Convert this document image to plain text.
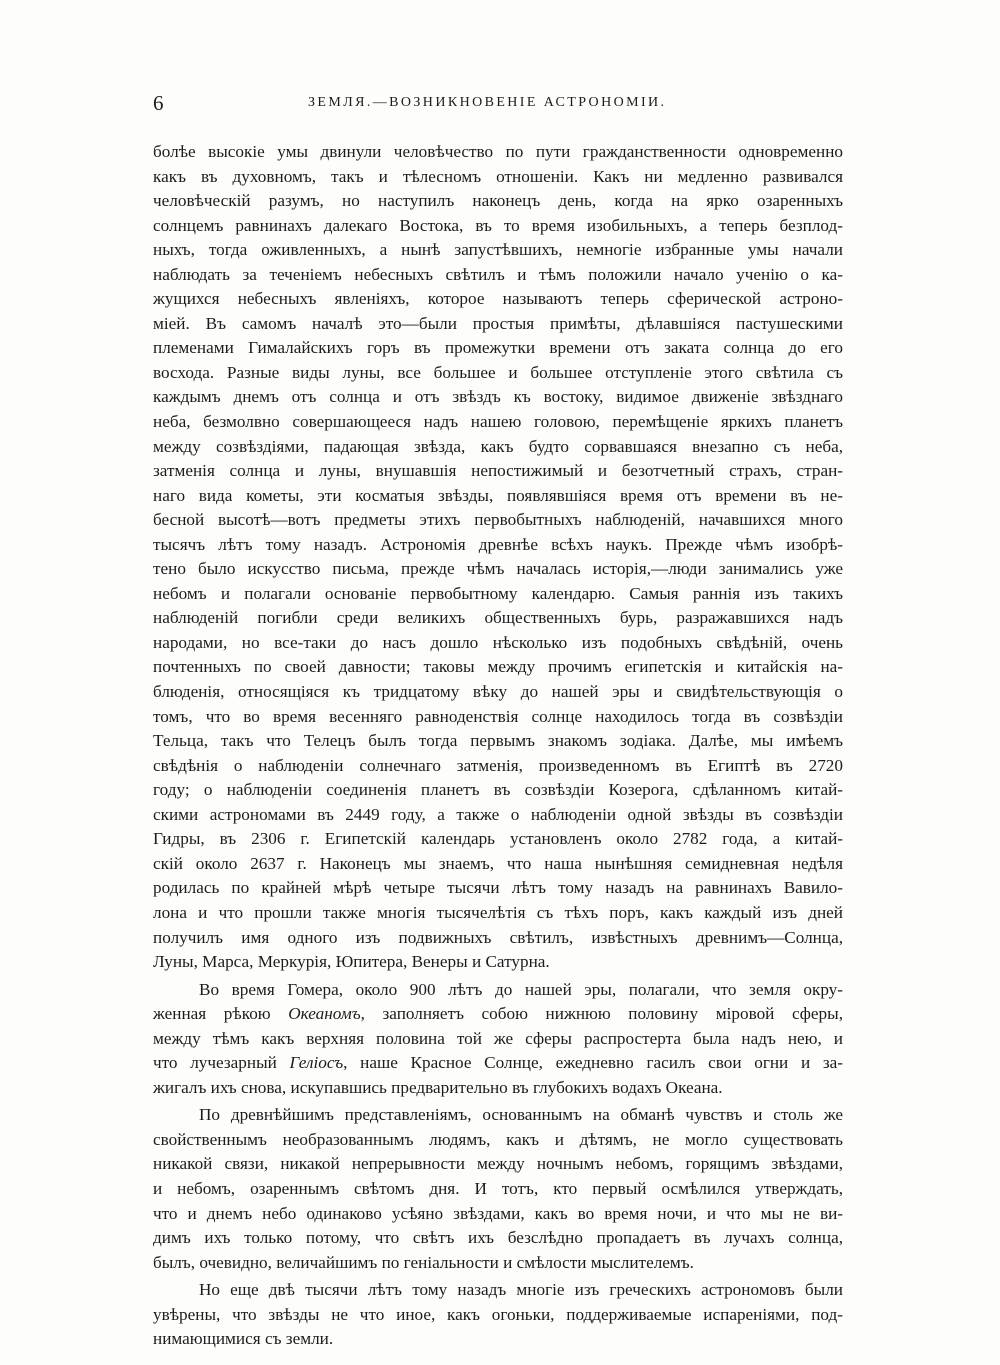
6	ЗЕМЛЯ.—ВОЗНИКНОВЕНІЕ АСТРОНОМІИ.
болѣе высокіе умы двинули человѣчество по пути гражданственности одновременно
какъ въ духовномъ, такъ и тѣлесномъ отношеніи. Какъ ни медленно развивался
человѣческій разумъ, но наступилъ наконецъ день, когда на ярко озаренныхъ
солнцемъ равнинахъ далекаго Востока, въ то время изобильныхъ, а теперь безплод-
ныхъ, тогда оживленныхъ, а нынѣ запустѣвшихъ, немногіе избранные умы начали
наблюдать за теченіемъ небесныхъ свѣтилъ и тѣмъ положили начало ученію о ка-
жущихся небесныхъ явленіяхъ, которое называютъ теперь сферической астроно-
міей. Въ самомъ началѣ это—были простыя примѣты, дѣлавшіяся пастушескими
племенами Гималайскихъ горъ въ промежутки времени отъ заката солнца до его
восхода. Разные виды луны, все большее и большее отступленіе этого свѣтила съ
каждымъ днемъ отъ солнца и отъ звѣздъ къ востоку, видимое движеніе звѣзднаго
неба, безмолвно совершающееся надъ нашею головою, перемѣщеніе яркихъ планетъ
между созвѣздіями, падающая звѣзда, какъ будто сорвавшаяся внезапно съ неба,
затменія солнца и луны, внушавшія непостижимый и безотчетный страхъ, стран-
наго вида кометы, эти косматыя звѣзды, появлявшіяся время отъ времени въ не-
бесной высотѣ—вотъ предметы этихъ первобытныхъ наблюденій, начавшихся много
тысячъ лѣтъ тому назадъ. Астрономія древнѣе всѣхъ наукъ. Прежде чѣмъ изобрѣ-
тено было искусство письма, прежде чѣмъ началась исторія,—люди занимались уже
небомъ и полагали основаніе первобытному календарю. Самыя раннія изъ такихъ
наблюденій погибли среди великихъ общественныхъ бурь, разражавшихся надъ
народами, но все-таки до насъ дошло нѣсколько изъ подобныхъ свѣдѣній, очень
почтенныхъ по своей давности; таковы между прочимъ египетскія и китайскія на-
блюденія, относящіяся къ тридцатому вѣку до нашей эры и свидѣтельствующія о
томъ, что во время весенняго равноденствія солнце находилось тогда въ созвѣздіи
Тельца, такъ что Телецъ былъ тогда первымъ знакомъ зодіака. Далѣе, мы имѣемъ
свѣдѣнія о наблюденіи солнечнаго затменія, произведенномъ въ Египтѣ въ 2720
году; о наблюденіи соединенія планетъ въ созвѣздіи Козерога, сдѣланномъ китай-
скими астрономами въ 2449 году, а также о наблюденіи одной звѣзды въ созвѣздіи
Гидры, въ 2306 г. Египетскій календарь установленъ около 2782 года, а китай-
скій около 2637 г. Наконецъ мы знаемъ, что наша нынѣшняя семидневная недѣля
родилась по крайней мѣрѣ четыре тысячи лѣтъ тому назадъ на равнинахъ Вавило-
лона и что прошли также многія тысячелѣтія съ тѣхъ поръ, какъ каждый изъ дней
получилъ имя одного изъ подвижныхъ свѣтилъ, извѣстныхъ древнимъ—Солнца,
Луны, Марса, Меркурія, Юпитера, Венеры и Сатурна.
Во время Гомера, около 900 лѣтъ до нашей эры, полагали, что земля окру-
женная рѣкою Океаномъ, заполняетъ собою нижнюю половину міровой сферы,
между тѣмъ какъ верхняя половина той же сферы распростерта была надъ нею, и
что лучезарный Геліосъ, наше Красное Солнце, ежедневно гасилъ свои огни и за-
жигалъ ихъ снова, искупавшись предварительно въ глубокихъ водахъ Океана.
По древнѣйшимъ представленіямъ, основаннымъ на обманѣ чувствъ и столь же
свойственнымъ необразованнымъ людямъ, какъ и дѣтямъ, не могло существовать
никакой связи, никакой непрерывности между ночнымъ небомъ, горящимъ звѣздами,
и небомъ, озареннымъ свѣтомъ дня. И тотъ, кто первый осмѣлился утверждать,
что и днемъ небо одинаково усѣяно звѣздами, какъ во время ночи, и что мы не ви-
димъ ихъ только потому, что свѣтъ ихъ безслѣдно пропадаетъ въ лучахъ солнца,
былъ, очевидно, величайшимъ по геніальности и смѣлости мыслителемъ.
Но еще двѣ тысячи лѣтъ тому назадъ многіе изъ греческихъ астрономовъ были
увѣрены, что звѣзды не что иное, какъ огоньки, поддерживаемые испареніями, под-
нимающимися съ земли.
